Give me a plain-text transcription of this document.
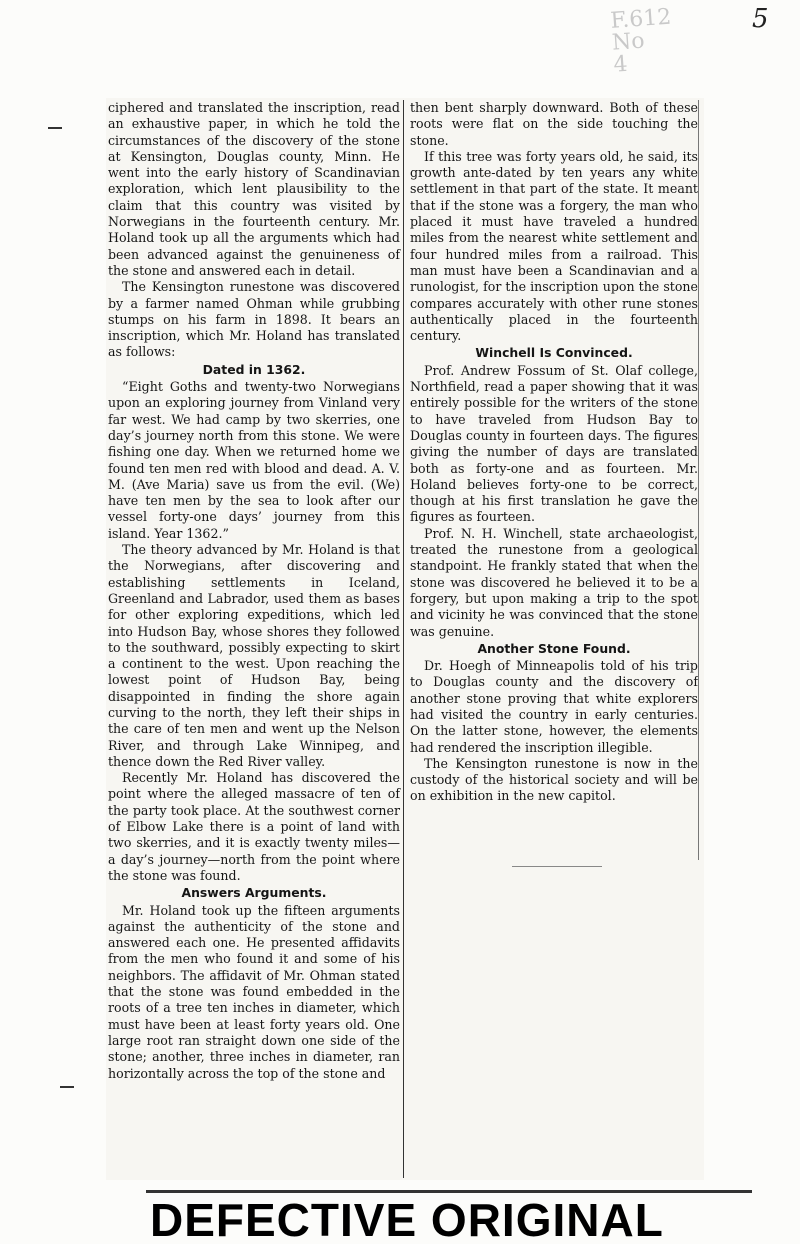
F.612
No
4
5

ciphered and translated the inscription, read an exhaustive paper, in which he told the circumstances of the discovery of the stone at Kensington, Douglas county, Minn. He went into the early history of Scandinavian exploration, which lent plausibility to the claim that this country was visited by Norwegians in the fourteenth century. Mr. Holand took up all the arguments which had been advanced against the genuineness of the stone and answered each in detail.

The Kensington runestone was discovered by a farmer named Ohman while grubbing stumps on his farm in 1898. It bears an inscription, which Mr. Holand has translated as follows:

Dated in 1362.

“Eight Goths and twenty-two Norwegians upon an exploring journey from Vinland very far west. We had camp by two skerries, one day’s journey north from this stone. We were fishing one day. When we returned home we found ten men red with blood and dead. A. V. M. (Ave Maria) save us from the evil. (We) have ten men by the sea to look after our vessel forty-one days’ journey from this island. Year 1362.”

The theory advanced by Mr. Holand is that the Norwegians, after discovering and establishing settlements in Iceland, Greenland and Labrador, used them as bases for other exploring expeditions, which led into Hudson Bay, whose shores they followed to the southward, possibly expecting to skirt a continent to the west. Upon reaching the lowest point of Hudson Bay, being disappointed in finding the shore again curving to the north, they left their ships in the care of ten men and went up the Nelson River, and through Lake Winnipeg, and thence down the Red River valley.

Recently Mr. Holand has discovered the point where the alleged massacre of ten of the party took place. At the southwest corner of Elbow Lake there is a point of land with two skerries, and it is exactly twenty miles—a day’s journey—north from the point where the stone was found.

Answers Arguments.

Mr. Holand took up the fifteen arguments against the authenticity of the stone and answered each one. He presented affidavits from the men who found it and some of his neighbors. The affidavit of Mr. Ohman stated that the stone was found embedded in the roots of a tree ten inches in diameter, which must have been at least forty years old. One large root ran straight down one side of the stone; another, three inches in diameter, ran horizontally across the top of the stone and

then bent sharply downward. Both of these roots were flat on the side touching the stone.

If this tree was forty years old, he said, its growth ante-dated by ten years any white settlement in that part of the state. It meant that if the stone was a forgery, the man who placed it must have traveled a hundred miles from the nearest white settlement and four hundred miles from a railroad. This man must have been a Scandinavian and a runologist, for the inscription upon the stone compares accurately with other rune stones authentically placed in the fourteenth century.

Winchell Is Convinced.

Prof. Andrew Fossum of St. Olaf college, Northfield, read a paper showing that it was entirely possible for the writers of the stone to have traveled from Hudson Bay to Douglas county in fourteen days. The figures giving the number of days are translated both as forty-one and as fourteen. Mr. Holand believes forty-one to be correct, though at his first translation he gave the figures as fourteen.

Prof. N. H. Winchell, state archaeologist, treated the runestone from a geological standpoint. He frankly stated that when the stone was discovered he believed it to be a forgery, but upon making a trip to the spot and vicinity he was convinced that the stone was genuine.

Another Stone Found.

Dr. Hoegh of Minneapolis told of his trip to Douglas county and the discovery of another stone proving that white explorers had visited the country in early centuries. On the latter stone, however, the elements had rendered the inscription illegible.

The Kensington runestone is now in the custody of the historical society and will be on exhibition in the new capitol.

DEFECTIVE ORIGINAL
